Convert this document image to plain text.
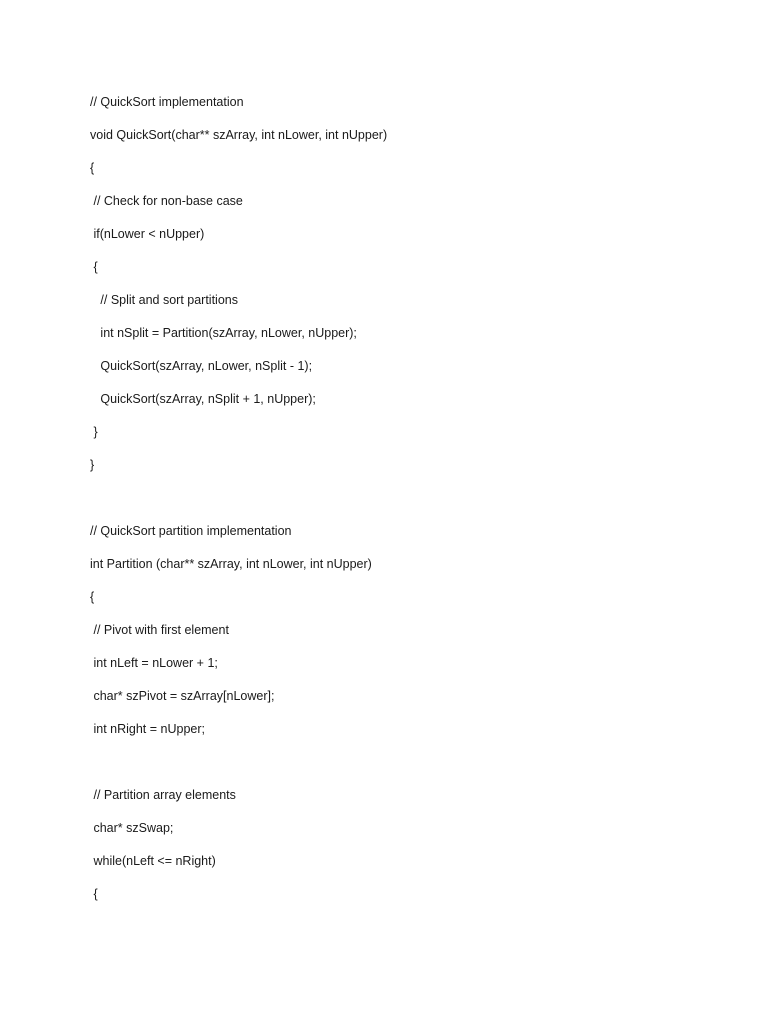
// QuickSort implementation
void QuickSort(char** szArray, int nLower, int nUpper)
{
// Check for non-base case
if(nLower < nUpper)
{
// Split and sort partitions
int nSplit = Partition(szArray, nLower, nUpper);
QuickSort(szArray, nLower, nSplit - 1);
QuickSort(szArray, nSplit + 1, nUpper);
}
}
// QuickSort partition implementation
int Partition (char** szArray, int nLower, int nUpper)
{
// Pivot with first element
int nLeft = nLower + 1;
char* szPivot = szArray[nLower];
int nRight = nUpper;
// Partition array elements
char* szSwap;
while(nLeft <= nRight)
{
